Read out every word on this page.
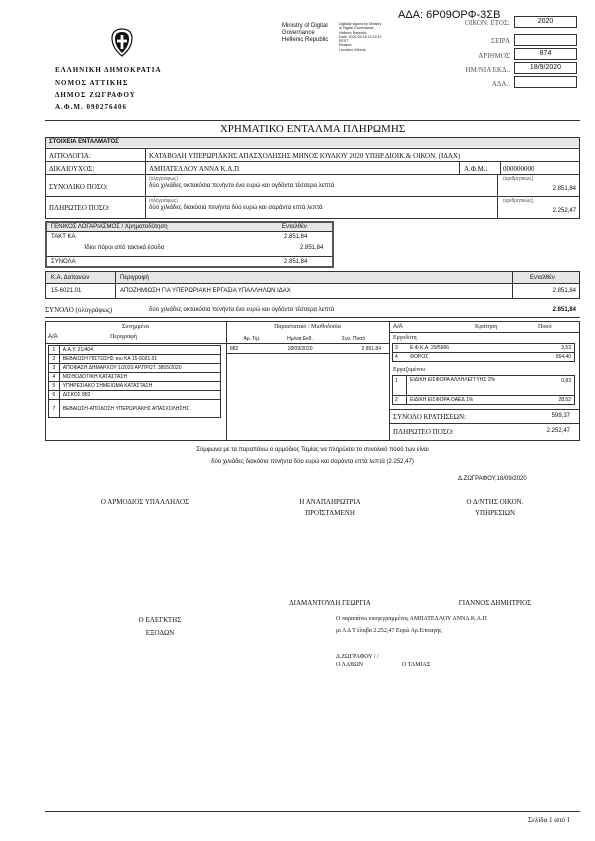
ΕΛΛΗΝΙΚΗ ΔΗΜΟΚΡΑΤΙΑ
ΝΟΜΟΣ ΑΤΤΙΚΗΣ
ΔΗΜΟΣ ΖΩΓΡΑΦΟΥ
Α.Φ.Μ. 090276406
Ministry of Digital
Governance
Hellenic Republic
Digitally signed by Ministry
of Digital Governance,
Hellenic Republic
Date: 2020.09.18 12:19:12
EEST
Reason:
Location: Athens
ΑΔΑ: 6Ρ09ΟΡΦ-3ΣΒ
ΟΙΚΟΝ. ΕΤΟΣ:	2020
ΣΕΙΡΑ
ΑΡΙΘΜΟΣ	874
ΗΜ/ΝΙΑ ΕΚΔ..	18/9/2020
ΑΔΑ..
ΧΡΗΜΑΤΙΚΟ ΕΝΤΑΛΜΑ ΠΛΗΡΩΜΗΣ
ΣΤΟΙΧΕΙΑ ΕΝΤΑΛΜΑΤΟΣ
ΑΙΤΙΟΛΟΓΙΑ:	ΚΑΤΑΒΟΛΗ ΥΠΕΡΩΡΙΑΚΗΣ ΑΠΑΣΧΟΛΗΣΗΣ ΜΗΝΟΣ ΙΟΥΛΙΟΥ 2020 ΥΠΗΡ.ΔΙΟΙΚ.& ΟΙΚΟΝ. (ΙΔΑΧ)
ΔΙΚΑΙΟΥΧΟΣ:	ΑΜΠΑΤΕΛΛΟΥ ΑΝΝΑ Κ.Α.Π	Α.Φ.Μ.: 000000000
ΣΥΝΟΛΙΚΟ ΠΟΣΟ:
(ολογράφως)
δύο χιλιάδες οκτακόσια πενήντα ένα ευρώ και ογδόντα τέσσερα λεπτά
(αριθμητικώς)
2.851,84
ΠΛΗΡΩΤΕΟ ΠΟΣΟ:
(ολογράφως)
δύο χιλιάδες διακόσια πενήντα δύο ευρώ και σαράντα επτά λεπτά
(αριθμητικώς)
2.252,47
ΓΕΝΙΚΟΣ ΛΟΓΑΡΙΑΣΜΟΣ / Χρηματοδότηση	Ενταλθέν
ΤΑΚΤ ΚΑ	2.851,84
Ίδιοι πόροι από τακτικά έσοδα	2.851,84
ΣΥΝΟΛΑ	2.851,84
Κ.Α. Δαπανών	Περιγραφή	Ενταλθέν
15-6021.01	ΑΠΟΖΗΜΙΩΣΗ ΓΙΑ ΥΠΕΡΩΡΙΑΚΗ ΕΡΓΑΣΙΑ ΥΠΑΛΛΗΛΩΝ ΙΔΑΧ	2.851,84
ΣΥΝΟΛΟ (ολογράφως)	δύο χιλιάδες οκτακόσια πενήντα ένα ευρώ και ογδόντα τέσσερα λεπτά	2.851,84
Συνημμένα
Α/Α	Περιγραφή
1	Α.Α.Υ. 21/404
2	ΒΕΒΑΙΩΣΗ ΠΙΣΤΩΣΗΣ του ΚΑ 15-6021.01
3	ΑΠΟΦΑΣΗ ΔΗΜΑΡΧΟΥ 1/2020 ΑΡ.ΠΡΩΤ. 3855/2020
4	ΜΙΣΘΟΔΟΤΙΚΗ ΚΑΤΑΣΤΑΣΗ
5	ΥΠΗΡΕΣΙΑΚΟ ΣΗΜΕΙΩΜΑ ΚΑΤΑΣΤΑΣΗ
6	ΔΙΣΚΟΣ 882
7	ΒΕΒΑΙΩΣΗ-ΑΠΟΔΟΣΗ ΥΠΕΡΩΡΙΑΚΗΣ ΑΠΑΣΧΟΛΗΣΗΣ
Παραστατικό / Μισθοδοσία
Αρ. Τιμ.	Ημ/νια Εκδ.	Συν. Ποσό
882	18/09/2020	2.851,84
Α/Α	Κράτηση	Ποσό
Εργοδότη
3 Ε.Φ.Κ.Α. 29/5966	3,53
4 ΦΟΡΟΣ	564,40
Εργαζομένου
1 ΕΙΔΙΚΗ ΕΙΣΦΟΡΑ ΑΛΛΗΛΕΓΓΥΗΣ 2%	0,83
2 ΕΙΔΙΚΗ ΕΙΣΦΟΡΑ ΟΑΕΔ 1%	28,52
ΣΥΝΟΛΟ ΚΡΑΤΗΣΕΩΝ:	599,37
ΠΛΗΡΩΤΕΟ ΠΟΣΟ:	2.252,47
Σύμφωνα με τα παραπάνω ο αρμόδιος Ταμίας να πληρώσει το συνολικό ποσό των είναι
δύο χιλιάδες διακόσια πενήντα δύο ευρώ και σαράντα επτά λεπτά (2.252,47)
Δ.ΖΩΓΡΑΦΟΥ,18/09/2020
Ο ΑΡΜΟΔΙΟΣ ΥΠΑΛΛΗΛΟΣ	Η ΑΝΑΠΛΗΡΩΤΡΙΑ
ΠΡΟΪΣΤΑΜΕΝΗ
Ο Δ/ΝΤΗΣ ΟΙΚΟΝ.
ΥΠΗΡΕΣΙΩΝ
ΔΙΑΜΑΝΤΟΥΛΗ ΓΕΩΡΓΙΑ	ΓΙΑΝΝΟΣ ΔΗΜΗΤΡΙΟΣ
Ο ΕΛΕΓΚΤΗΣ
ΕΞΟΔΩΝ
Ο παραπάνω υπογεγραμμένος ΑΜΠΑΤΕΛΛΟΥ ΑΝΝΑ Κ.Α.Π
μι Α Δ Τ έλαβα 2.252,47 Ευρώ Αρ.Επιταγής
Δ.ΖΩΓΡΑΦΟΥ / /
Ο ΛΑΒΩΝ                          Ο ΤΑΜΙΑΣ
Σελίδα 1 από 1
